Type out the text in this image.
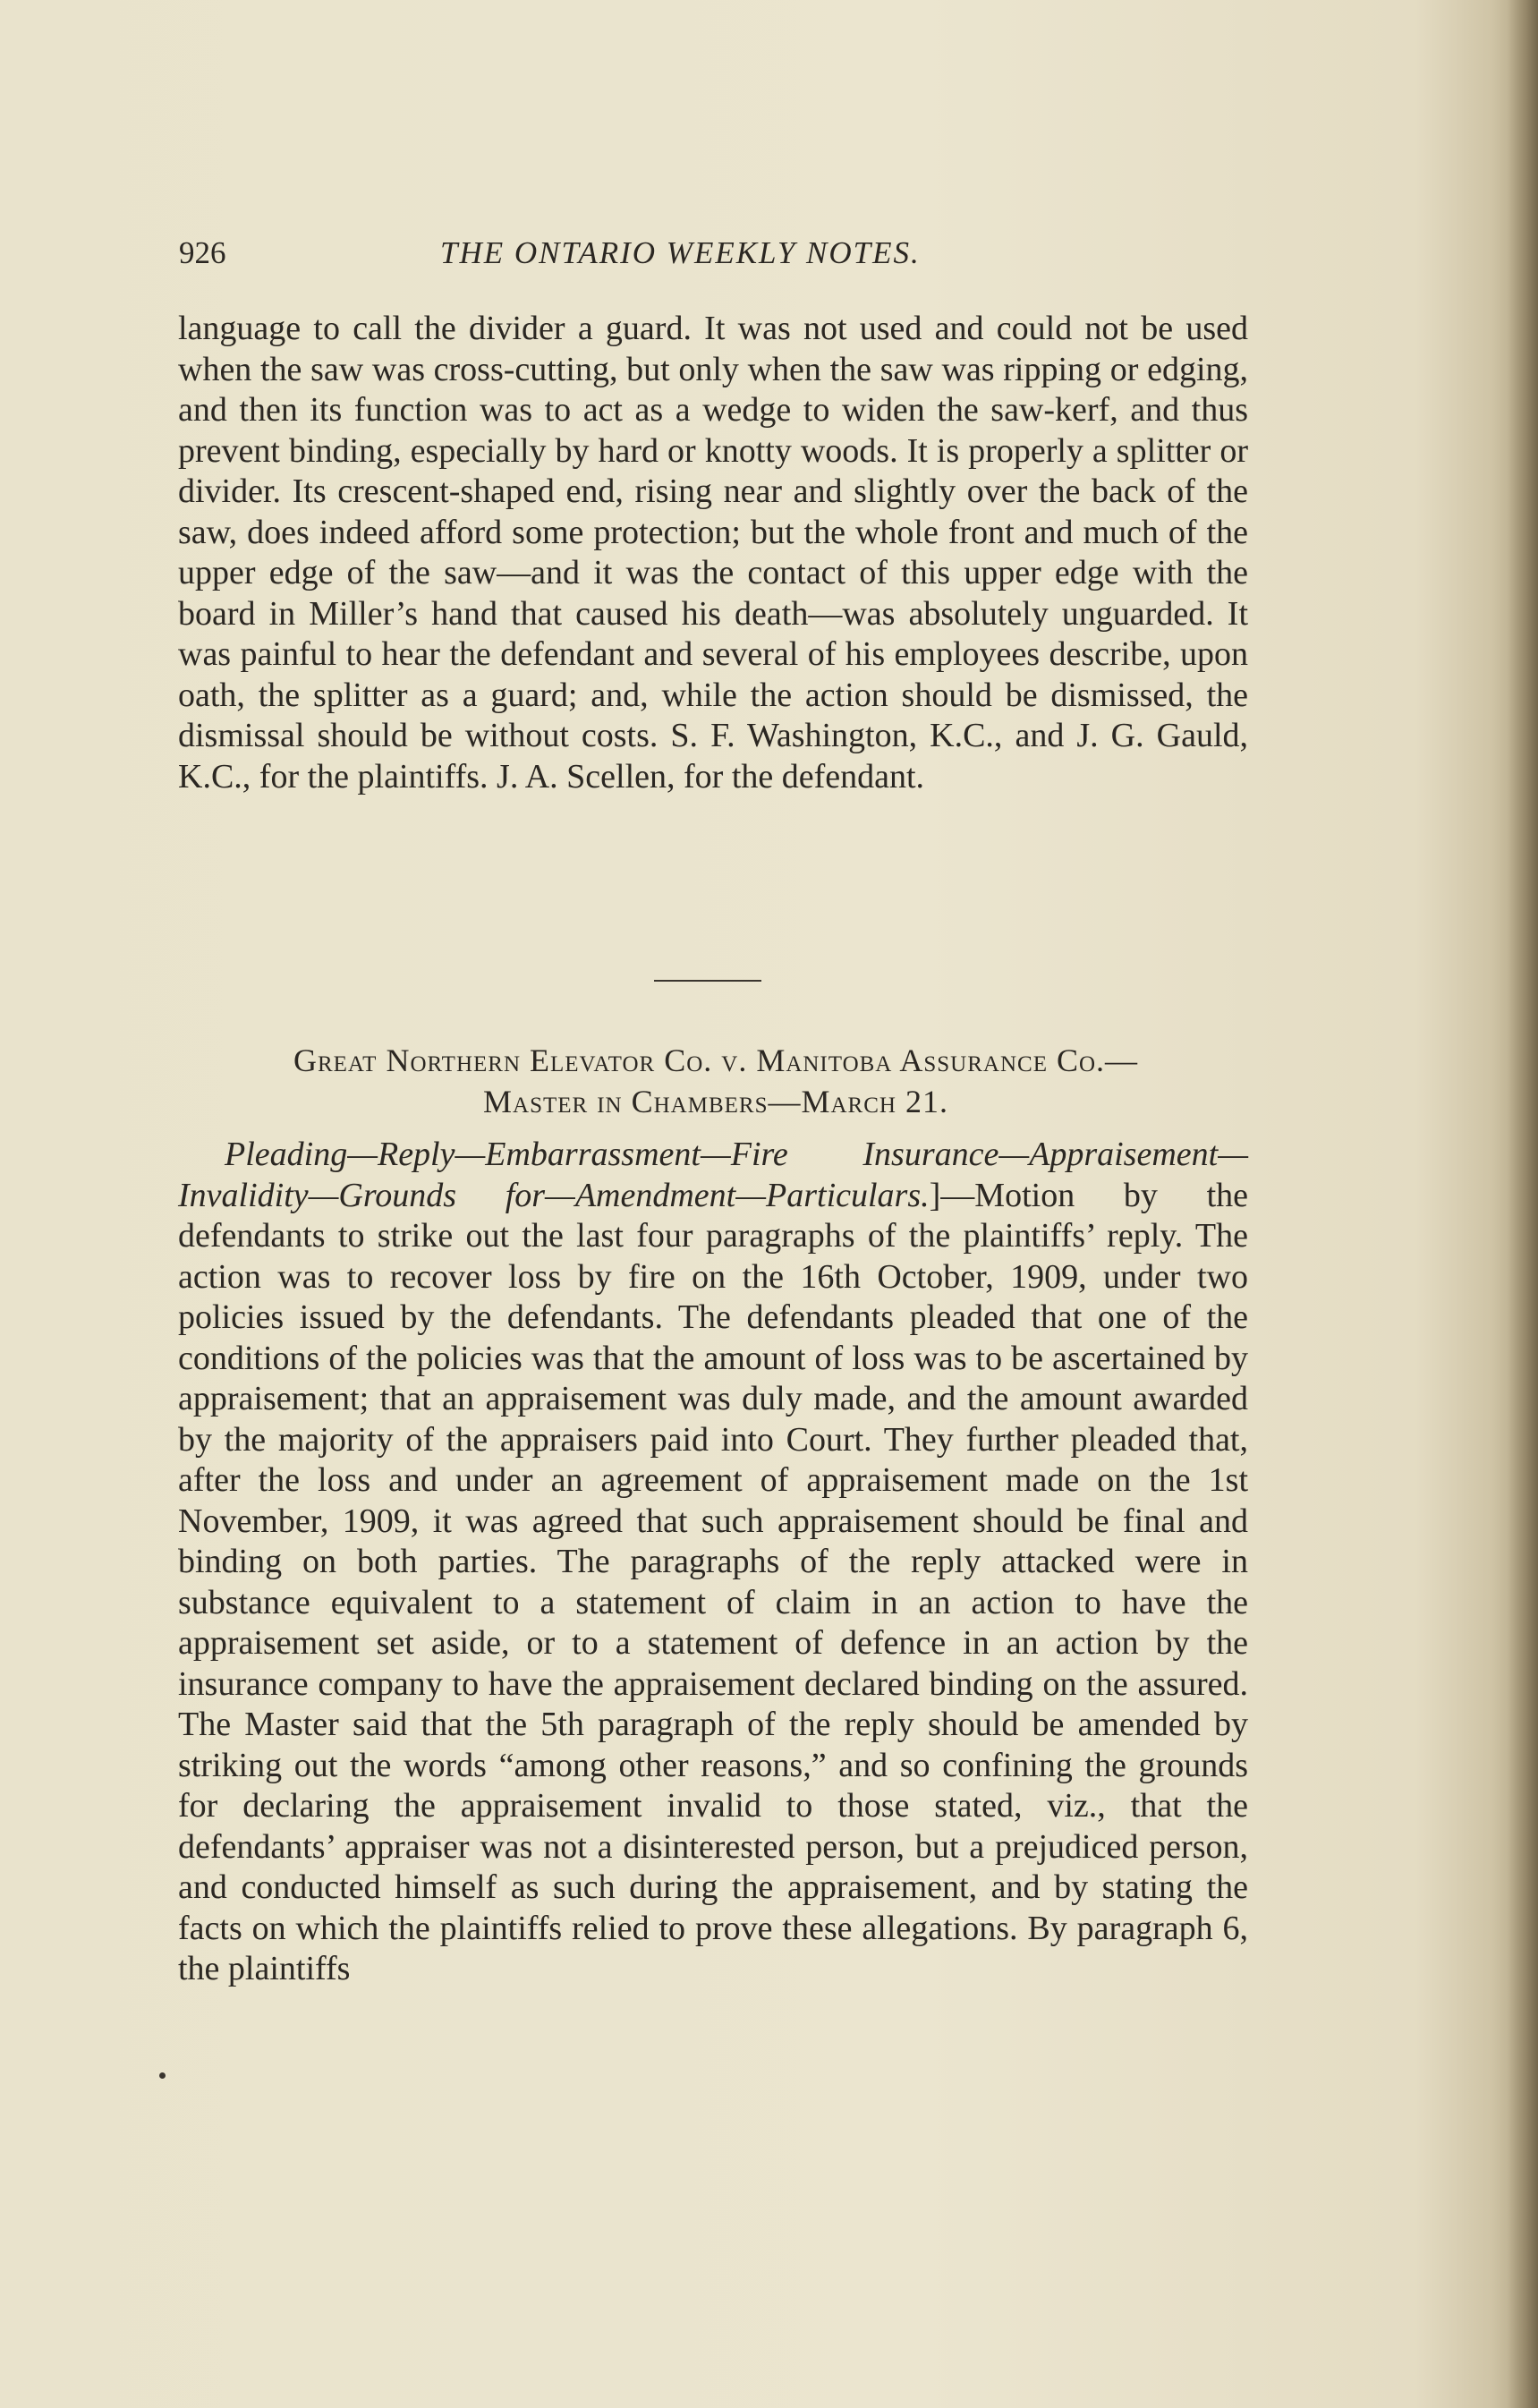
926	THE ONTARIO WEEKLY NOTES.

language to call the divider a guard. It was not used and could not be used when the saw was cross-cutting, but only when the saw was ripping or edging, and then its function was to act as a wedge to widen the saw-kerf, and thus prevent binding, especially by hard or knotty woods. It is properly a splitter or divider. Its crescent-shaped end, rising near and slightly over the back of the saw, does indeed afford some protection; but the whole front and much of the upper edge of the saw—and it was the contact of this upper edge with the board in Miller’s hand that caused his death—was absolutely unguarded. It was painful to hear the defendant and several of his employees describe, upon oath, the splitter as a guard; and, while the action should be dismissed, the dismissal should be without costs. S. F. Washington, K.C., and J. G. Gauld, K.C., for the plaintiffs. J. A. Scellen, for the defendant.

Great Northern Elevator Co. v. Manitoba Assurance Co.—
Master in Chambers—March 21.

Pleading—Reply—Embarrassment—Fire Insurance—Appraisement—Invalidity—Grounds for—Amendment—Particulars.]—Motion by the defendants to strike out the last four paragraphs of the plaintiffs’ reply. The action was to recover loss by fire on the 16th October, 1909, under two policies issued by the defendants. The defendants pleaded that one of the conditions of the policies was that the amount of loss was to be ascertained by appraisement; that an appraisement was duly made, and the amount awarded by the majority of the appraisers paid into Court. They further pleaded that, after the loss and under an agreement of appraisement made on the 1st November, 1909, it was agreed that such appraisement should be final and binding on both parties. The paragraphs of the reply attacked were in substance equivalent to a statement of claim in an action to have the appraisement set aside, or to a statement of defence in an action by the insurance company to have the appraisement declared binding on the assured. The Master said that the 5th paragraph of the reply should be amended by striking out the words “among other reasons,” and so confining the grounds for declaring the appraisement invalid to those stated, viz., that the defendants’ appraiser was not a disinterested person, but a prejudiced person, and conducted himself as such during the appraisement, and by stating the facts on which the plaintiffs relied to prove these allegations. By paragraph 6, the plaintiffs
